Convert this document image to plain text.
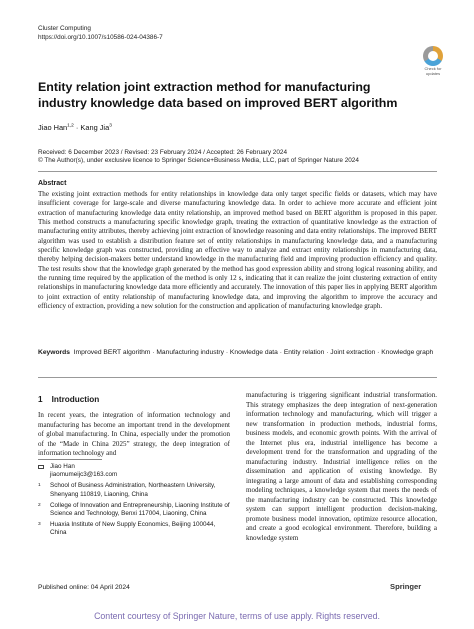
Cluster Computing
https://doi.org/10.1007/s10586-024-04386-7
Check for updates
Entity relation joint extraction method for manufacturing industry knowledge data based on improved BERT algorithm
Jiao Han$^{1,2}$ · Kang Jia$^3$
Received: 6 December 2023 / Revised: 23 February 2024 / Accepted: 26 February 2024
© The Author(s), under exclusive licence to Springer Science+Business Media, LLC, part of Springer Nature 2024
Abstract
The existing joint extraction methods for entity relationships in knowledge data only target specific fields or datasets, which may have insufficient coverage for large-scale and diverse manufacturing knowledge data. In order to achieve more accurate and efficient joint extraction of manufacturing knowledge data entity relationship, an improved method based on BERT algorithm is proposed in this paper. This method constructs a manufacturing specific knowledge graph, treating the extraction of quantitative knowledge as the extraction of manufacturing entity attributes, thereby achieving joint extraction of knowledge reasoning and data entity relationships. The improved BERT algorithm was used to establish a distribution feature set of entity relationships in manufacturing knowledge data, and a manufacturing specific knowledge graph was constructed, providing an effective way to analyze and extract entity relationships in manufacturing data, thereby helping decision-makers better understand knowledge in the manufacturing field and improving production efficiency and quality. The test results show that the knowledge graph generated by the method has good expression ability and strong logical reasoning ability, and the running time required by the application of the method is only 12 s, indicating that it can realize the joint clustering extraction of entity relationships in manufacturing knowledge data more efficiently and accurately. The innovation of this paper lies in applying BERT algorithm to joint extraction of entity relationship of manufacturing knowledge data, and improving the algorithm to improve the accuracy and efficiency of extraction, providing a new solution for the construction and application of manufacturing knowledge graph.
Keywords Improved BERT algorithm · Manufacturing industry · Knowledge data · Entity relation · Joint extraction · Knowledge graph
1 Introduction
In recent years, the integration of information technology and manufacturing has become an important trend in the development of global manufacturing. In China, especially under the promotion of the “Made in China 2025” strategy, the deep integration of information technology and
manufacturing is triggering significant industrial transformation. This strategy emphasizes the deep integration of next-generation information technology and manufacturing, which will trigger a new transformation in production methods, industrial forms, business models, and economic growth points. With the arrival of the Internet plus era, industrial intelligence has become a development trend for the transformation and upgrading of the manufacturing industry. Industrial intelligence relies on the dissemination and application of existing knowledge. By integrating a large amount of data and establishing corresponding modeling techniques, a knowledge system that meets the needs of the manufacturing industry can be constructed. This knowledge system can support intelligent production decision-making, promote business model innovation, optimize resource allocation, and create a good ecological environment. Therefore, building a knowledge system
Jiao Han
jiaomumeijc3@163.com
1 School of Business Administration, Northeastern University, Shenyang 110819, Liaoning, China
2 College of Innovation and Entrepreneurship, Liaoning Institute of Science and Technology, Benxi 117004, Liaoning, China
3 Huaxia Institute of New Supply Economics, Beijing 100044, China
Published online: 04 April 2024	Springer
Content courtesy of Springer Nature, terms of use apply. Rights reserved.
